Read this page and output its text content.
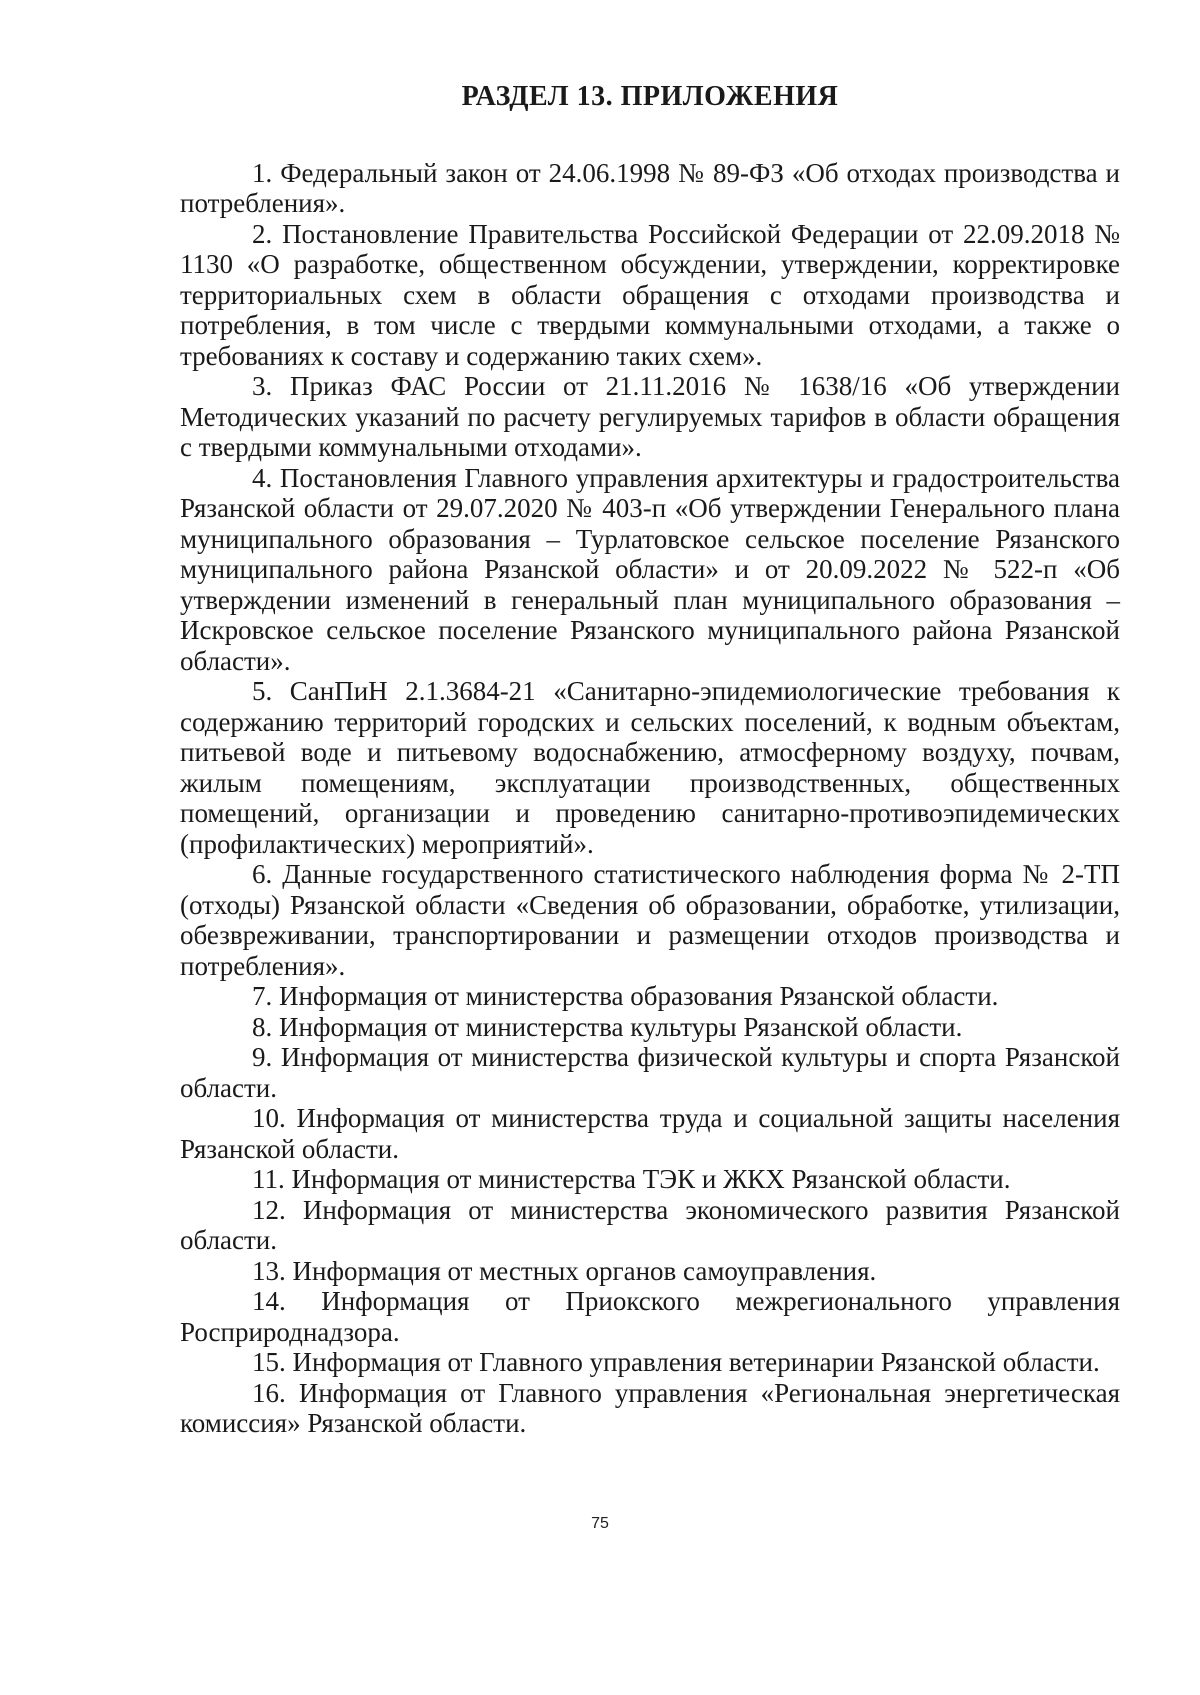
РАЗДЕЛ 13. ПРИЛОЖЕНИЯ
1. Федеральный закон от 24.06.1998 № 89-ФЗ «Об отходах производства и потребления».
2. Постановление Правительства Российской Федерации от 22.09.2018 № 1130 «О разработке, общественном обсуждении, утверждении, корректировке территориальных схем в области обращения с отходами производства и потребления, в том числе с твердыми коммунальными отходами, а также о требованиях к составу и содержанию таких схем».
3. Приказ ФАС России от 21.11.2016 № 1638/16 «Об утверждении Методических указаний по расчету регулируемых тарифов в области обращения с твердыми коммунальными отходами».
4. Постановления Главного управления архитектуры и градостроительства Рязанской области от 29.07.2020 № 403-п «Об утверждении Генерального плана муниципального образования – Турлатовское сельское поселение Рязанского муниципального района Рязанской области» и от 20.09.2022 № 522-п «Об утверждении изменений в генеральный план муниципального образования – Искровское сельское поселение Рязанского муниципального района Рязанской области».
5. СанПиН 2.1.3684-21 «Санитарно-эпидемиологические требования к содержанию территорий городских и сельских поселений, к водным объектам, питьевой воде и питьевому водоснабжению, атмосферному воздуху, почвам, жилым помещениям, эксплуатации производственных, общественных помещений, организации и проведению санитарно-противоэпидемических (профилактических) мероприятий».
6. Данные государственного статистического наблюдения форма № 2-ТП (отходы) Рязанской области «Сведения об образовании, обработке, утилизации, обезвреживании, транспортировании и размещении отходов производства и потребления».
7. Информация от министерства образования Рязанской области.
8. Информация от министерства культуры Рязанской области.
9. Информация от министерства физической культуры и спорта Рязанской области.
10. Информация от министерства труда и социальной защиты населения Рязанской области.
11. Информация от министерства ТЭК и ЖКХ Рязанской области.
12. Информация от министерства экономического развития Рязанской области.
13. Информация от местных органов самоуправления.
14. Информация от Приокского межрегионального управления Росприроднадзора.
15. Информация от Главного управления ветеринарии Рязанской области.
16. Информация от Главного управления «Региональная энергетическая комиссия» Рязанской области.
75
